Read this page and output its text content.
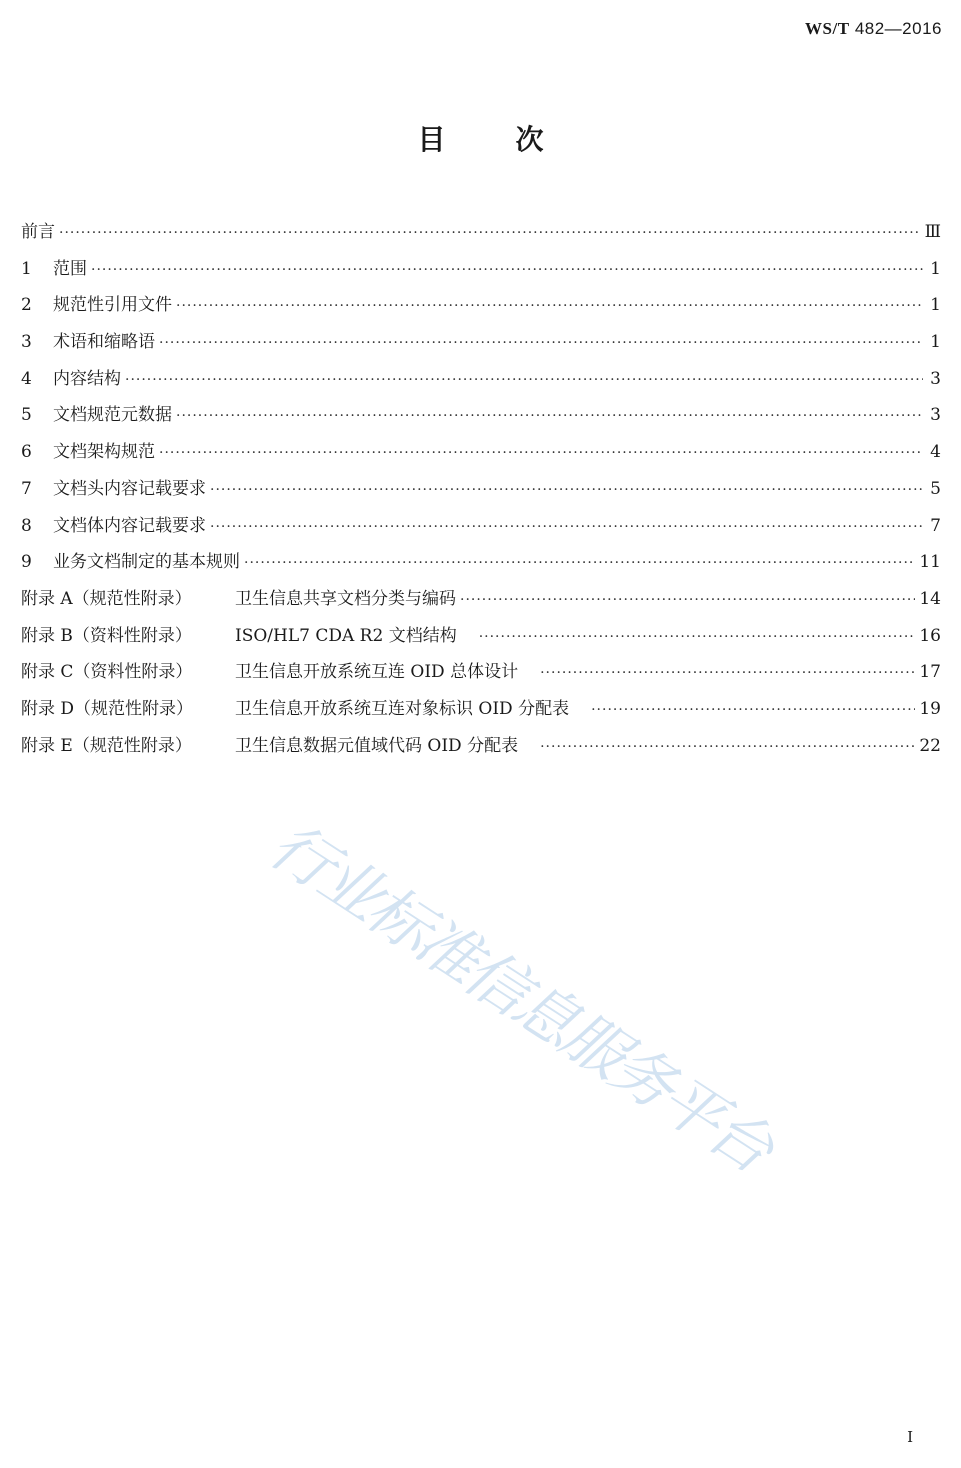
WS/T 482—2016
目	次
前言 ·····	Ⅲ
1	范围 ·····	1
2	规范性引用文件 ·····	1
3	术语和缩略语 ·····	1
4	内容结构 ·····	3
5	文档规范元数据 ·····	3
6	文档架构规范 ·····	4
7	文档头内容记载要求 ·····	5
8	文档体内容记载要求 ·····	7
9	业务文档制定的基本规则 ·····	11
附录 A（规范性附录）	卫生信息共享文档分类与编码 ·····	14
附录 B（资料性附录）	ISO/HL7 CDA R2 文档结构 ·····	16
附录 C（资料性附录）	卫生信息开放系统互连 OID 总体设计 ·····	17
附录 D（规范性附录）	卫生信息开放系统互连对象标识 OID 分配表 ·····	19
附录 E（规范性附录）	卫生信息数据元值域代码 OID 分配表 ·····	22
行业标准信息服务平台
I
